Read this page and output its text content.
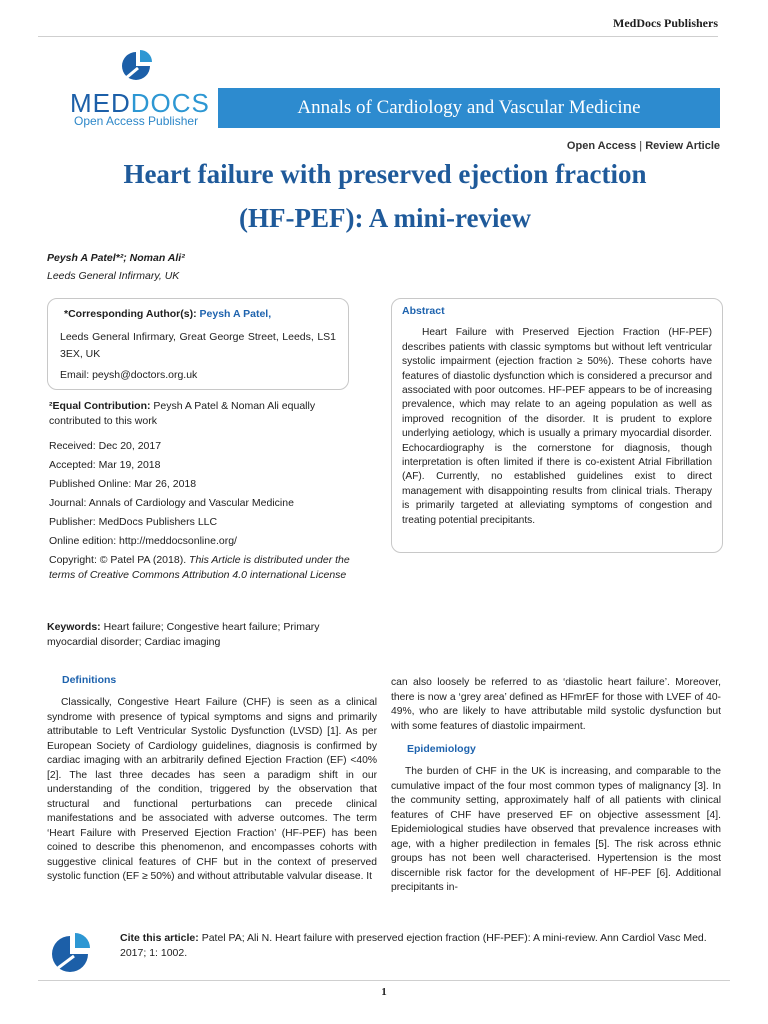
MedDocs Publishers
MEDDOCS
Open Access Publisher
Annals of Cardiology and Vascular Medicine
Open Access | Review Article
Heart failure with preserved ejection fraction
(HF-PEF): A mini-review
Peysh A Patel*²; Noman Ali²
Leeds General Infirmary, UK
*Corresponding Author(s): Peysh A Patel,
Leeds General Infirmary, Great George Street, Leeds, LS1 3EX, UK
Email: peysh@doctors.org.uk
²Equal Contribution: Peysh A Patel & Noman Ali equally contributed to this work
Received: Dec 20, 2017
Accepted: Mar 19, 2018
Published Online: Mar 26, 2018
Journal: Annals of Cardiology and Vascular Medicine
Publisher: MedDocs Publishers LLC
Online edition: http://meddocsonline.org/
Copyright: © Patel PA (2018). This Article is distributed under the terms of Creative Commons Attribution 4.0 international License
Abstract
Heart Failure with Preserved Ejection Fraction (HF-PEF) describes patients with classic symptoms but without left ventricular systolic impairment (ejection fraction ≥ 50%). These cohorts have features of diastolic dysfunction which is considered a precursor and associated with poor outcomes. HF-PEF appears to be of increasing prevalence, which may relate to an ageing population as well as improved recognition of the disorder. It is prudent to explore underlying aetiology, which is usually a primary myocardial disorder. Echocardiography is the cornerstone for diagnosis, though interpretation is often limited if there is co-existent Atrial Fibrillation (AF). Currently, no established guidelines exist to direct management with disappointing results from clinical trials. Therapy is primarily targeted at alleviating symptoms of congestion and treating potential precipitants.
Keywords: Heart failure; Congestive heart failure; Primary myocardial disorder; Cardiac imaging
Definitions
Classically, Congestive Heart Failure (CHF) is seen as a clinical syndrome with presence of typical symptoms and signs and primarily attributable to Left Ventricular Systolic Dysfunction (LVSD) [1]. As per European Society of Cardiology guidelines, diagnosis is confirmed by cardiac imaging with an arbitrarily defined Ejection Fraction (EF) <40% [2]. The last three decades has seen a paradigm shift in our understanding of the condition, triggered by the observation that structural and functional perturbations can precede clinical manifestations and be associated with adverse outcomes. The term ‘Heart Failure with Preserved Ejection Fraction’ (HF-PEF) has been coined to describe this phenomenon, and encompasses cohorts with suggestive clinical features of CHF but in the context of preserved systolic function (EF ≥ 50%) and without attributable valvular disease. It
can also loosely be referred to as ‘diastolic heart failure’. Moreover, there is now a ‘grey area’ defined as HFmrEF for those with LVEF of 40-49%, who are likely to have attributable mild systolic dysfunction but with some features of diastolic impairment.
Epidemiology
The burden of CHF in the UK is increasing, and comparable to the cumulative impact of the four most common types of malignancy [3]. In the community setting, approximately half of all patients with clinical features of CHF have preserved EF on objective assessment [4]. Epidemiological studies have observed that prevalence increases with age, with a higher predilection in females [5]. The risk across ethnic groups has not been well characterised. Hypertension is the most discernible risk factor for the development of HF-PEF [6]. Additional precipitants in-
Cite this article: Patel PA; Ali N. Heart failure with preserved ejection fraction (HF-PEF): A mini-review. Ann Cardiol Vasc Med. 2017; 1: 1002.
1
